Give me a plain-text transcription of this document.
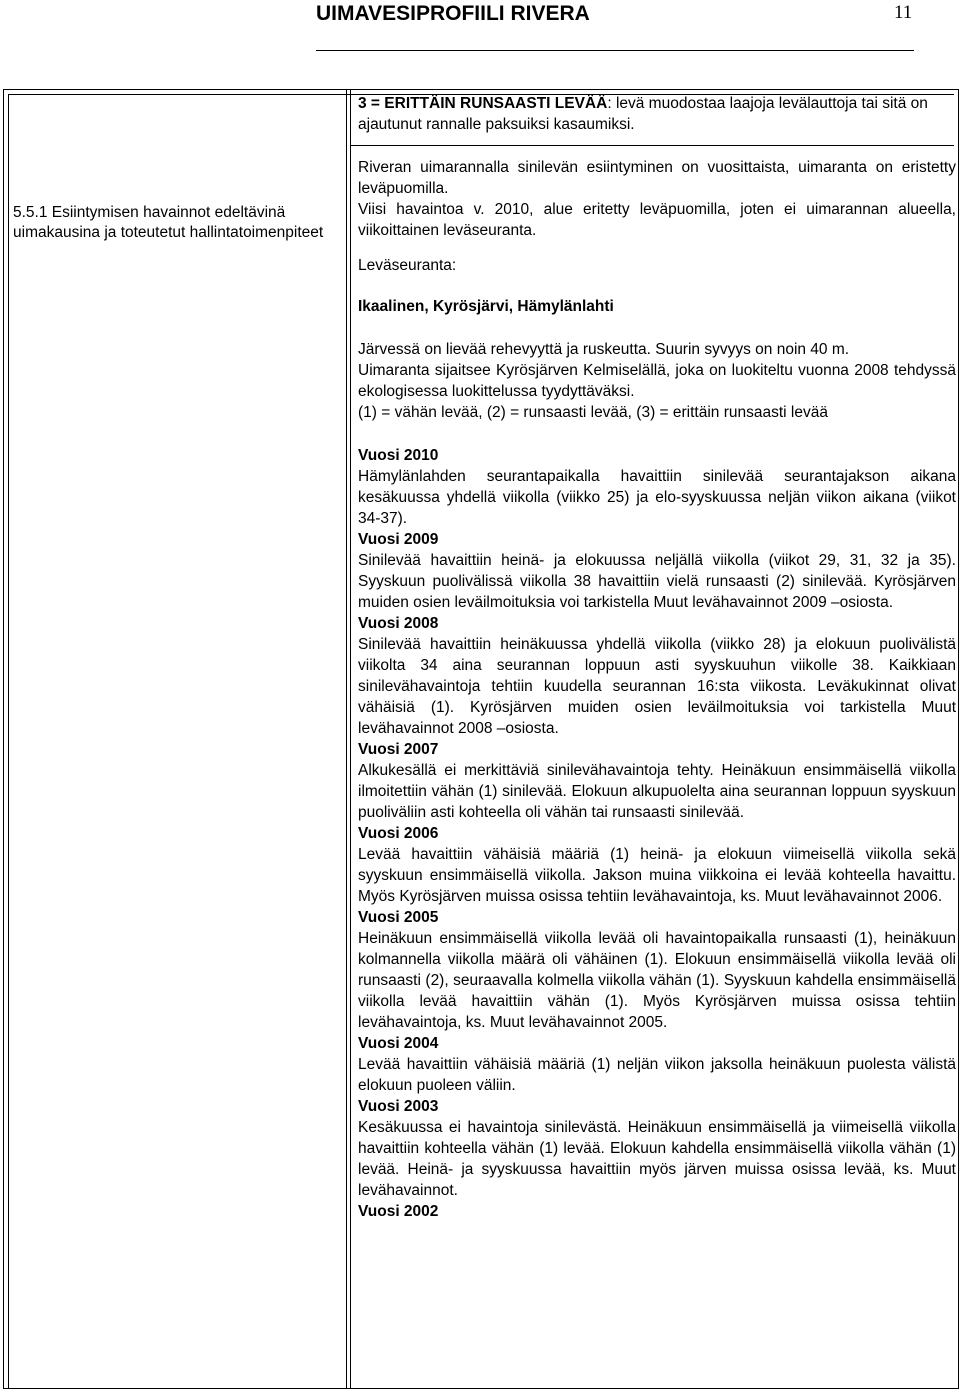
UIMAVESIPROFIILI RIVERA	11

5.5.1 Esiintymisen havainnot edeltävinä uimakausina ja toteutetut hallintatoimenpiteet

3 = ERITTÄIN RUNSAASTI LEVÄÄ: levä muodostaa laajoja levälauttoja tai sitä on ajautunut rannalle paksuiksi kasaumiksi.

Riveran uimarannalla sinilevän esiintyminen on vuosittaista, uimaranta on eristetty leväpuomilla.

Viisi havaintoa v. 2010, alue eritetty leväpuomilla, joten ei uimarannan alueella, viikoittainen leväseuranta.

Leväseuranta:

Ikaalinen, Kyrösjärvi, Hämylänlahti

Järvessä on lievää rehevyyttä ja ruskeutta. Suurin syvyys on noin 40 m.

Uimaranta sijaitsee Kyrösjärven Kelmiselällä, joka on luokiteltu vuonna 2008 tehdyssä ekologisessa luokittelussa tyydyttäväksi.

(1) = vähän levää, (2) = runsaasti levää, (3) = erittäin runsaasti levää

Vuosi 2010

Hämylänlahden seurantapaikalla havaittiin sinilevää seurantajakson aikana kesäkuussa yhdellä viikolla (viikko 25) ja elo-syyskuussa neljän viikon aikana (viikot 34-37).

Vuosi 2009

Sinilevää havaittiin heinä- ja elokuussa neljällä viikolla (viikot 29, 31, 32 ja 35). Syyskuun puolivälissä viikolla 38 havaittiin vielä runsaasti (2) sinilevää. Kyrösjärven muiden osien leväilmoituksia voi tarkistella Muut levähavainnot 2009 –osiosta.

Vuosi 2008

Sinilevää havaittiin heinäkuussa yhdellä viikolla (viikko 28) ja elokuun puolivälistä viikolta 34 aina seurannan loppuun asti syyskuuhun viikolle 38. Kaikkiaan sinilevähavaintoja tehtiin kuudella seurannan 16:sta viikosta. Leväkukinnat olivat vähäisiä (1). Kyrösjärven muiden osien leväilmoituksia voi tarkistella Muut levähavainnot 2008 –osiosta.

Vuosi 2007

Alkukesällä ei merkittäviä sinilevähavaintoja tehty. Heinäkuun ensimmäisellä viikolla ilmoitettiin vähän (1) sinilevää. Elokuun alkupuolelta aina seurannan loppuun syyskuun puoliväliin asti kohteella oli vähän tai runsaasti sinilevää.

Vuosi 2006

Levää havaittiin vähäisiä määriä (1) heinä- ja elokuun viimeisellä viikolla sekä syyskuun ensimmäisellä viikolla. Jakson muina viikkoina ei levää kohteella havaittu. Myös Kyrösjärven muissa osissa tehtiin levähavaintoja, ks. Muut levähavainnot 2006.

Vuosi 2005

Heinäkuun ensimmäisellä viikolla levää oli havaintopaikalla runsaasti (1), heinäkuun kolmannella viikolla määrä oli vähäinen (1). Elokuun ensimmäisellä viikolla levää oli runsaasti (2), seuraavalla kolmella viikolla vähän (1). Syyskuun kahdella ensimmäisellä viikolla levää havaittiin vähän (1). Myös Kyrösjärven muissa osissa tehtiin levähavaintoja, ks. Muut levähavainnot 2005.

Vuosi 2004

Levää havaittiin vähäisiä määriä (1) neljän viikon jaksolla heinäkuun puolesta välistä elokuun puoleen väliin.

Vuosi 2003

Kesäkuussa ei havaintoja sinilevästä. Heinäkuun ensimmäisellä ja viimeisellä viikolla havaittiin kohteella vähän (1) levää. Elokuun kahdella ensimmäisellä viikolla vähän (1) levää. Heinä- ja syyskuussa havaittiin myös järven muissa osissa levää, ks. Muut levähavainnot.

Vuosi 2002
